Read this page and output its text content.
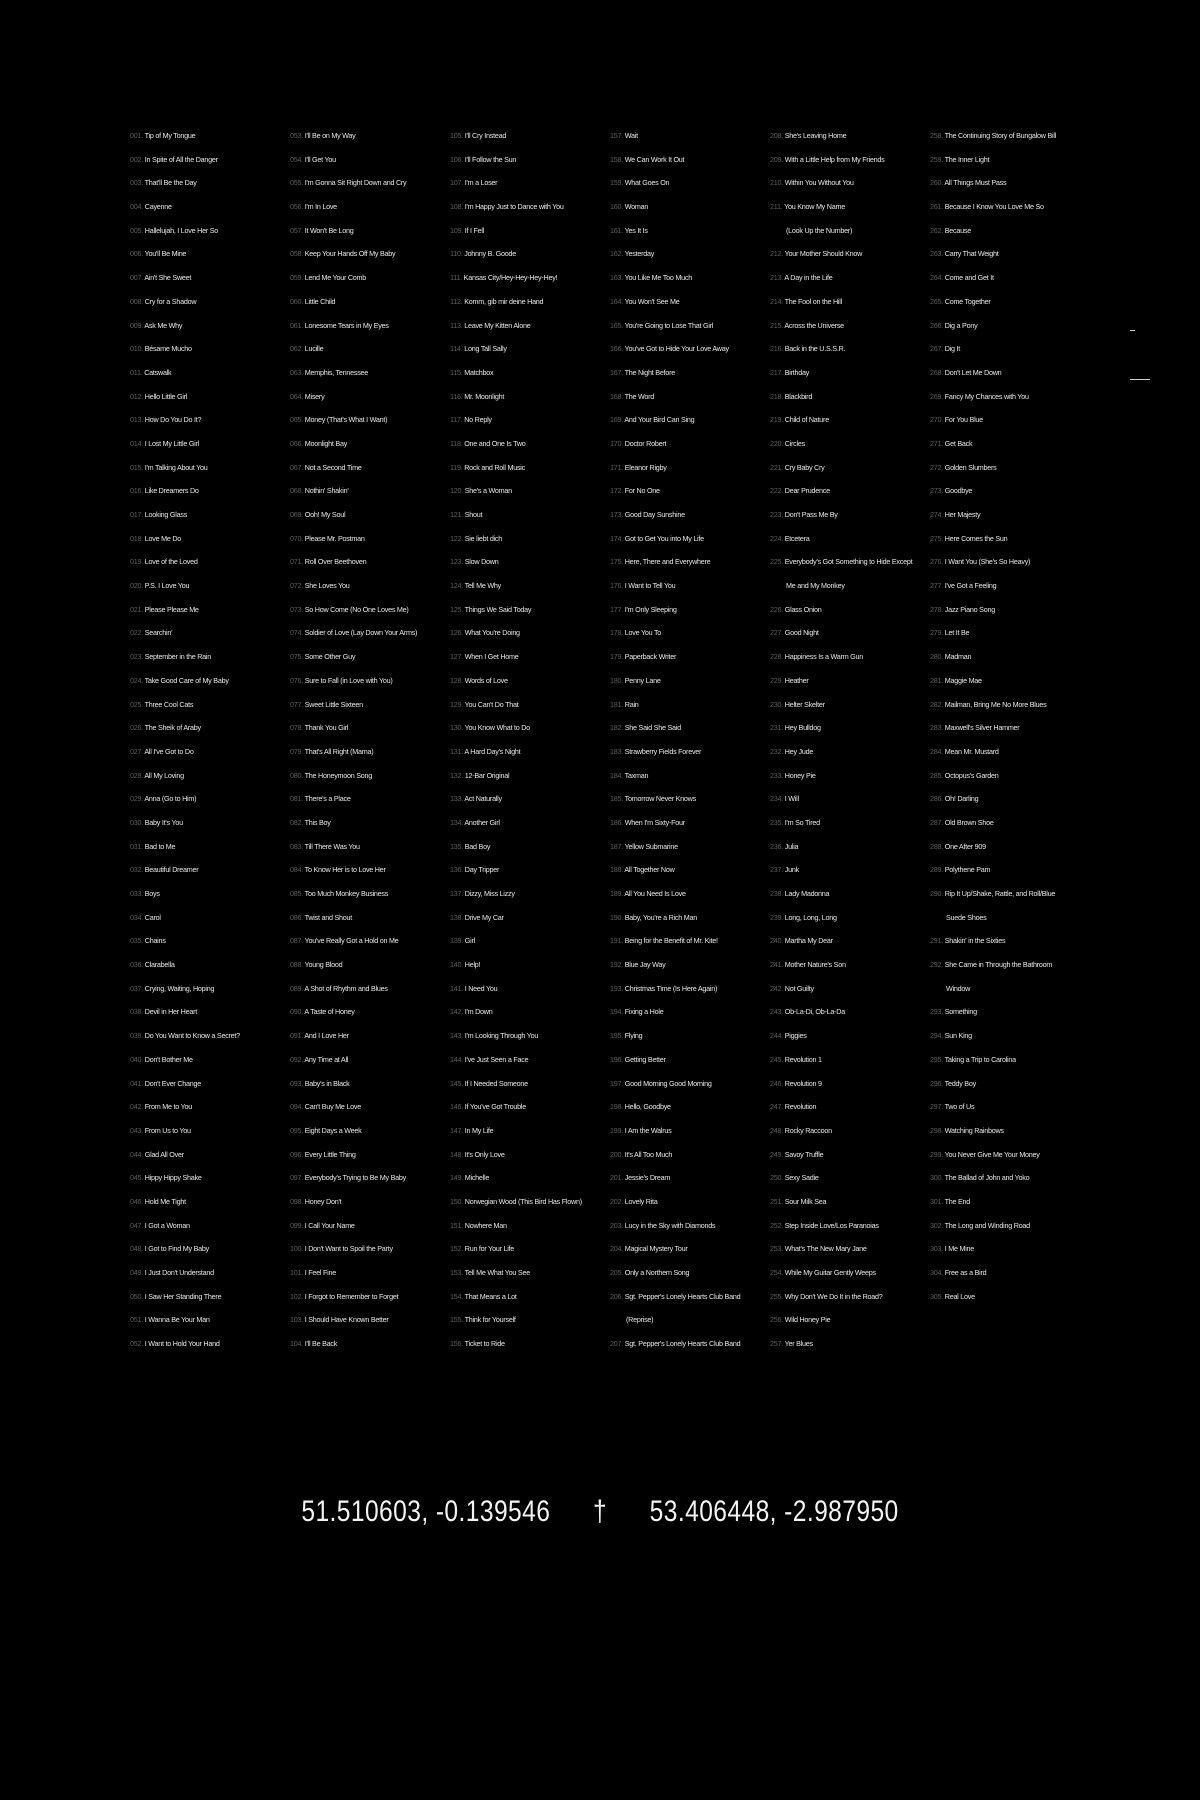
001. Tip of My Tongue
002. In Spite of All the Danger
003. That'll Be the Day
004. Cayenne
005. Hallelujah, I Love Her So
006. You'll Be Mine
007. Ain't She Sweet
008. Cry for a Shadow
009. Ask Me Why
010. Bésame Mucho
011. Catswalk
012. Hello Little Girl
013. How Do You Do It?
014. I Lost My Little Girl
015. I'm Talking About You
016. Like Dreamers Do
017. Looking Glass
018. Love Me Do
019. Love of the Loved
020. P.S. I Love You
021. Please Please Me
022. Searchin'
023. September in the Rain
024. Take Good Care of My Baby
025. Three Cool Cats
026. The Sheik of Araby
027. All I've Got to Do
028. All My Loving
029. Anna (Go to Him)
030. Baby It's You
031. Bad to Me
032. Beautiful Dreamer
033. Boys
034. Carol
035. Chains
036. Clarabella
037. Crying, Waiting, Hoping
038. Devil in Her Heart
039. Do You Want to Know a Secret?
040. Don't Bother Me
041. Don't Ever Change
042. From Me to You
043. From Us to You
044. Glad All Over
045. Hippy Hippy Shake
046. Hold Me Tight
047. I Got a Woman
048. I Got to Find My Baby
049. I Just Don't Understand
050. I Saw Her Standing There
051. I Wanna Be Your Man
052. I Want to Hold Your Hand
053. I'll Be on My Way
054. I'll Get You
055. I'm Gonna Sit Right Down and Cry
056. I'm In Love
057. It Won't Be Long
058. Keep Your Hands Off My Baby
059. Lend Me Your Comb
060. Little Child
061. Lonesome Tears in My Eyes
062. Lucille
063. Memphis, Tennessee
064. Misery
065. Money (That's What I Want)
066. Moonlight Bay
067. Not a Second Time
068. Nothin' Shakin'
069. Ooh! My Soul
070. Please Mr. Postman
071. Roll Over Beethoven
072. She Loves You
073. So How Come (No One Loves Me)
074. Soldier of Love (Lay Down Your Arms)
075. Some Other Guy
076. Sure to Fall (in Love with You)
077. Sweet Little Sixteen
078. Thank You Girl
079. That's All Right (Mama)
080. The Honeymoon Song
081. There's a Place
082. This Boy
083. Till There Was You
084. To Know Her is to Love Her
085. Too Much Monkey Business
086. Twist and Shout
087. You've Really Got a Hold on Me
088. Young Blood
089. A Shot of Rhythm and Blues
090. A Taste of Honey
091. And I Love Her
092. Any Time at All
093. Baby's in Black
094. Can't Buy Me Love
095. Eight Days a Week
096. Every Little Thing
097. Everybody's Trying to Be My Baby
098. Honey Don't
099. I Call Your Name
100. I Don't Want to Spoil the Party
101. I Feel Fine
102. I Forgot to Remember to Forget
103. I Should Have Known Better
104. I'll Be Back
105. I'll Cry Instead
106. I'll Follow the Sun
107. I'm a Loser
108. I'm Happy Just to Dance with You
109. If I Fell
110. Johnny B. Goode
111. Kansas City/Hey-Hey-Hey-Hey!
112. Komm, gib mir deine Hand
113. Leave My Kitten Alone
114. Long Tall Sally
115. Matchbox
116. Mr. Moonlight
117. No Reply
118. One and One Is Two
119. Rock and Roll Music
120. She's a Woman
121. Shout
122. Sie liebt dich
123. Slow Down
124. Tell Me Why
125. Things We Said Today
126. What You're Doing
127. When I Get Home
128. Words of Love
129. You Can't Do That
130. You Know What to Do
131. A Hard Day's Night
132. 12-Bar Original
133. Act Naturally
134. Another Girl
135. Bad Boy
136. Day Tripper
137. Dizzy, Miss Lizzy
138. Drive My Car
139. Girl
140. Help!
141. I Need You
142. I'm Down
143. I'm Looking Through You
144. I've Just Seen a Face
145. If I Needed Someone
146. If You've Got Trouble
147. In My Life
148. It's Only Love
149. Michelle
150. Norwegian Wood (This Bird Has Flown)
151. Nowhere Man
152. Run for Your Life
153. Tell Me What You See
154. That Means a Lot
155. Think for Yourself
156. Ticket to Ride
157. Wait
158. We Can Work It Out
159. What Goes On
160. Woman
161. Yes It Is
162. Yesterday
163. You Like Me Too Much
164. You Won't See Me
165. You're Going to Lose That Girl
166. You've Got to Hide Your Love Away
167. The Night Before
168. The Word
169. And Your Bird Can Sing
170. Doctor Robert
171. Eleanor Rigby
172. For No One
173. Good Day Sunshine
174. Got to Get You into My Life
175. Here, There and Everywhere
176. I Want to Tell You
177. I'm Only Sleeping
178. Love You To
179. Paperback Writer
180. Penny Lane
181. Rain
182. She Said She Said
183. Strawberry Fields Forever
184. Taxman
185. Tomorrow Never Knows
186. When I'm Sixty-Four
187. Yellow Submarine
188. All Together Now
189. All You Need Is Love
190. Baby, You're a Rich Man
191. Being for the Benefit of Mr. Kite!
192. Blue Jay Way
193. Christmas Time (Is Here Again)
194. Fixing a Hole
195. Flying
196. Getting Better
197. Good Morning Good Morning
198. Hello, Goodbye
199. I Am the Walrus
200. It's All Too Much
201. Jessie's Dream
202. Lovely Rita
203. Lucy in the Sky with Diamonds
204. Magical Mystery Tour
205. Only a Northern Song
206. Sgt. Pepper's Lonely Hearts Club Band
(Reprise)
207. Sgt. Pepper's Lonely Hearts Club Band
208. She's Leaving Home
209. With a Little Help from My Friends
210. Within You Without You
211. You Know My Name
(Look Up the Number)
212. Your Mother Should Know
213. A Day in the Life
214. The Fool on the Hill
215. Across the Universe
216. Back in the U.S.S.R.
217. Birthday
218. Blackbird
219. Child of Nature
220. Circles
221. Cry Baby Cry
222. Dear Prudence
223. Don't Pass Me By
224. Etcetera
225. Everybody's Got Something to Hide Except
Me and My Monkey
226. Glass Onion
227. Good Night
228. Happiness Is a Warm Gun
229. Heather
230. Helter Skelter
231. Hey Bulldog
232. Hey Jude
233. Honey Pie
234. I Will
235. I'm So Tired
236. Julia
237. Junk
238. Lady Madonna
239. Long, Long, Long
240. Martha My Dear
241. Mother Nature's Son
242. Not Guilty
243. Ob-La-Di, Ob-La-Da
244. Piggies
245. Revolution 1
246. Revolution 9
247. Revolution
248. Rocky Raccoon
249. Savoy Truffle
250. Sexy Sadie
251. Sour Milk Sea
252. Step Inside Love/Los Paranoias
253. What's The New Mary Jane
254. While My Guitar Gently Weeps
255. Why Don't We Do It in the Road?
256. Wild Honey Pie
257. Yer Blues
258. The Continuing Story of Bungalow Bill
259. The Inner Light
260. All Things Must Pass
261. Because I Know You Love Me So
262. Because
263. Carry That Weight
264. Come and Get It
265. Come Together
266. Dig a Pony
267. Dig It
268. Don't Let Me Down
269. Fancy My Chances with You
270. For You Blue
271. Get Back
272. Golden Slumbers
273. Goodbye
274. Her Majesty
275. Here Comes the Sun
276. I Want You (She's So Heavy)
277. I've Got a Feeling
278. Jazz Piano Song
279. Let It Be
280. Madman
281. Maggie Mae
282. Mailman, Bring Me No More Blues
283. Maxwell's Silver Hammer
284. Mean Mr. Mustard
285. Octopus's Garden
286. Oh! Darling
287. Old Brown Shoe
288. One After 909
289. Polythene Pam
290. Rip It Up/Shake, Rattle, and Roll/Blue
Suede Shoes
291. Shakin' in the Sixties
292. She Came in Through the Bathroom
Window
293. Something
294. Sun King
295. Taking a Trip to Carolina
296. Teddy Boy
297. Two of Us
298. Watching Rainbows
299. You Never Give Me Your Money
300. The Ballad of John and Yoko
301. The End
302. The Long and Winding Road
303. I Me Mine
304. Free as a Bird
305. Real Love
51.510603, -0.139546 † 53.406448, -2.987950
